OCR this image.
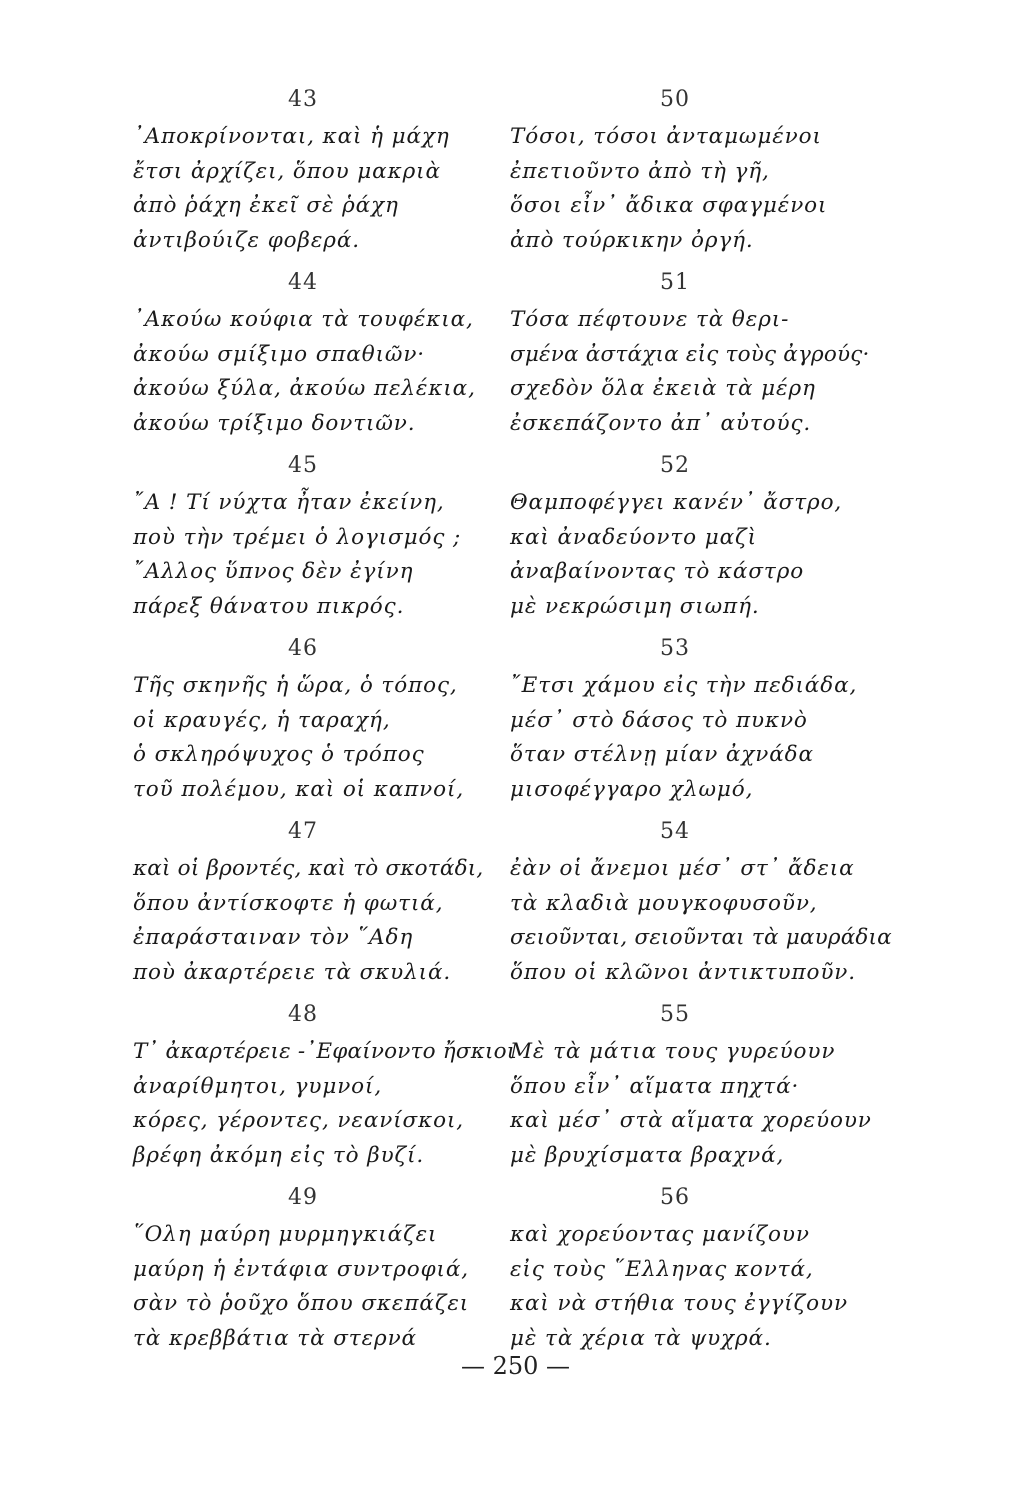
43
᾿Αποκρίνονται, καὶ ἡ μάχη
ἔτσι ἀρχίζει, ὅπου μακριὰ
ἀπὸ ῥάχη ἐκεῖ σὲ ῥάχη
ἀντιβούιζε φοβερά.
44
᾿Ακούω κούφια τὰ τουφέκια,
ἀκούω σμίξιμο σπαθιῶν·
ἀκούω ξύλα, ἀκούω πελέκια,
ἀκούω τρίξιμο δοντιῶν.
45
῎Α ! Τί νύχτα ἦταν ἐκείνη,
ποὺ τὴν τρέμει ὁ λογισμός ;
῎Αλλος ὕπνος δὲν ἐγίνη
πάρεξ θάνατου πικρός.
46
Τῆς σκηνῆς ἡ ὥρα, ὁ τόπος,
οἱ κραυγές, ἡ ταραχή,
ὁ σκληρόψυχος ὁ τρόπος
τοῦ πολέμου, καὶ οἱ καπνοί,
47
καὶ οἱ βροντές, καὶ τὸ σκοτάδι,
ὅπου ἀντίσκοφτε ἡ φωτιά,
ἐπαράσταιναν τὸν ῞Αδη
ποὺ ἀκαρτέρειε τὰ σκυλιά.
48
Τ᾿ ἀκαρτέρειε -᾿Εφαίνοντο ἤσκιοι
ἀναρίθμητοι, γυμνοί,
κόρες, γέροντες, νεανίσκοι,
βρέφη ἀκόμη εἰς τὸ βυζί.
49
῞Ολη μαύρη μυρμηγκιάζει
μαύρη ἡ ἐντάφια συντροφιά,
σὰν τὸ ῥοῦχο ὅπου σκεπάζει
τὰ κρεββάτια τὰ στερνά
50
Τόσοι, τόσοι ἀνταμωμένοι
ἐπετιοῦντο ἀπὸ τὴ γῆ,
ὅσοι εἶν᾿ ἄδικα σφαγμένοι
ἀπὸ τούρκικην ὀργή.
51
Τόσα πέφτουνε τὰ θερι-
σμένα ἀστάχια εἰς τοὺς ἀγρούς·
σχεδὸν ὅλα ἐκειὰ τὰ μέρη
ἐσκεπάζοντο ἀπ᾿ αὐτούς.
52
Θαμποφέγγει κανέν᾿ ἄστρο,
καὶ ἀναδεύοντο μαζὶ
ἀναβαίνοντας τὸ κάστρο
μὲ νεκρώσιμη σιωπή.
53
῎Ετσι χάμου εἰς τὴν πεδιάδα,
μέσ᾿ στὸ δάσος τὸ πυκνὸ
ὅταν στέλνῃ μίαν ἀχνάδα
μισοφέγγαρο χλωμό,
54
ἐὰν οἱ ἄνεμοι μέσ᾿ στ᾿ ἄδεια
τὰ κλαδιὰ μουγκοφυσοῦν,
σειοῦνται, σειοῦνται τὰ μαυράδια
ὅπου οἱ κλῶνοι ἀντικτυποῦν.
55
Μὲ τὰ μάτια τους γυρεύουν
ὅπου εἶν᾿ αἵματα πηχτά·
καὶ μέσ᾿ στὰ αἵματα χορεύουν
μὲ βρυχίσματα βραχνά,
56
καὶ χορεύοντας μανίζουν
εἰς τοὺς ῞Ελληνας κοντά,
καὶ νὰ στήθια τους ἐγγίζουν
μὲ τὰ χέρια τὰ ψυχρά.
— 250 —
